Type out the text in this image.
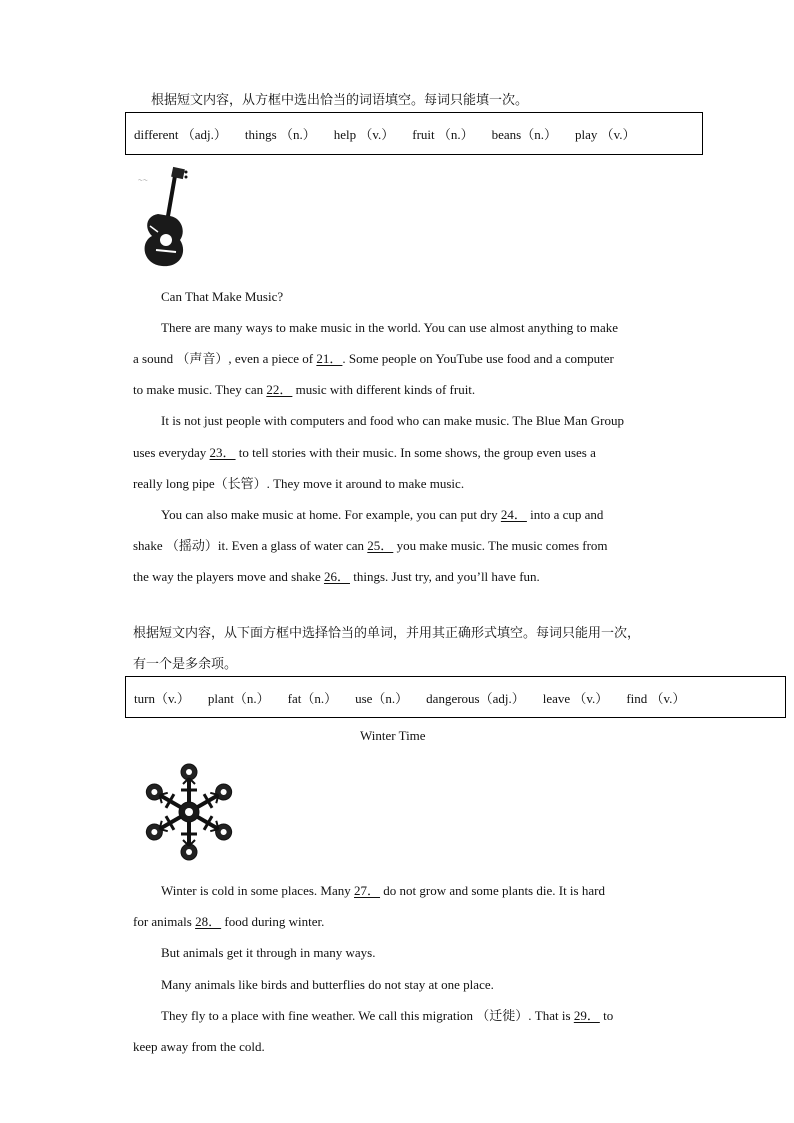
根据短文内容，从方框中选出恰当的词语填空。每词只能填一次。
different （adj.） things （n.） help （v.） fruit （n.） beans（n.） play （v.）
～～
Can That Make Music?
There are many ways to make music in the world. You can use almost anything to make
a sound （声音）, even a piece of 21．. Some people on YouTube use food and a computer
to make music. They can 22． music with different kinds of fruit.
It is not just people with computers and food who can make music. The Blue Man Group
uses everyday 23． to tell stories with their music. In some shows, the group even uses a
really long pipe（长管）. They move it around to make music.
You can also make music at home. For example, you can put dry 24． into a cup and
shake （摇动）it. Even a glass of water can 25． you make music. The music comes from
the way the players move and shake 26． things. Just try, and you’ll have fun.
根据短文内容，从下面方框中选择恰当的单词，并用其正确形式填空。每词只能用一次，
有一个是多余项。
turn（v.） plant（n.） fat（n.） use（n.） dangerous（adj.） leave （v.） find （v.）
Winter Time
Winter is cold in some places. Many 27． do not grow and some plants die. It is hard
for animals 28． food during winter.
But animals get it through in many ways.
Many animals like birds and butterflies do not stay at one place.
They fly to a place with fine weather. We call this migration （迁徙）. That is 29． to
keep away from the cold.
